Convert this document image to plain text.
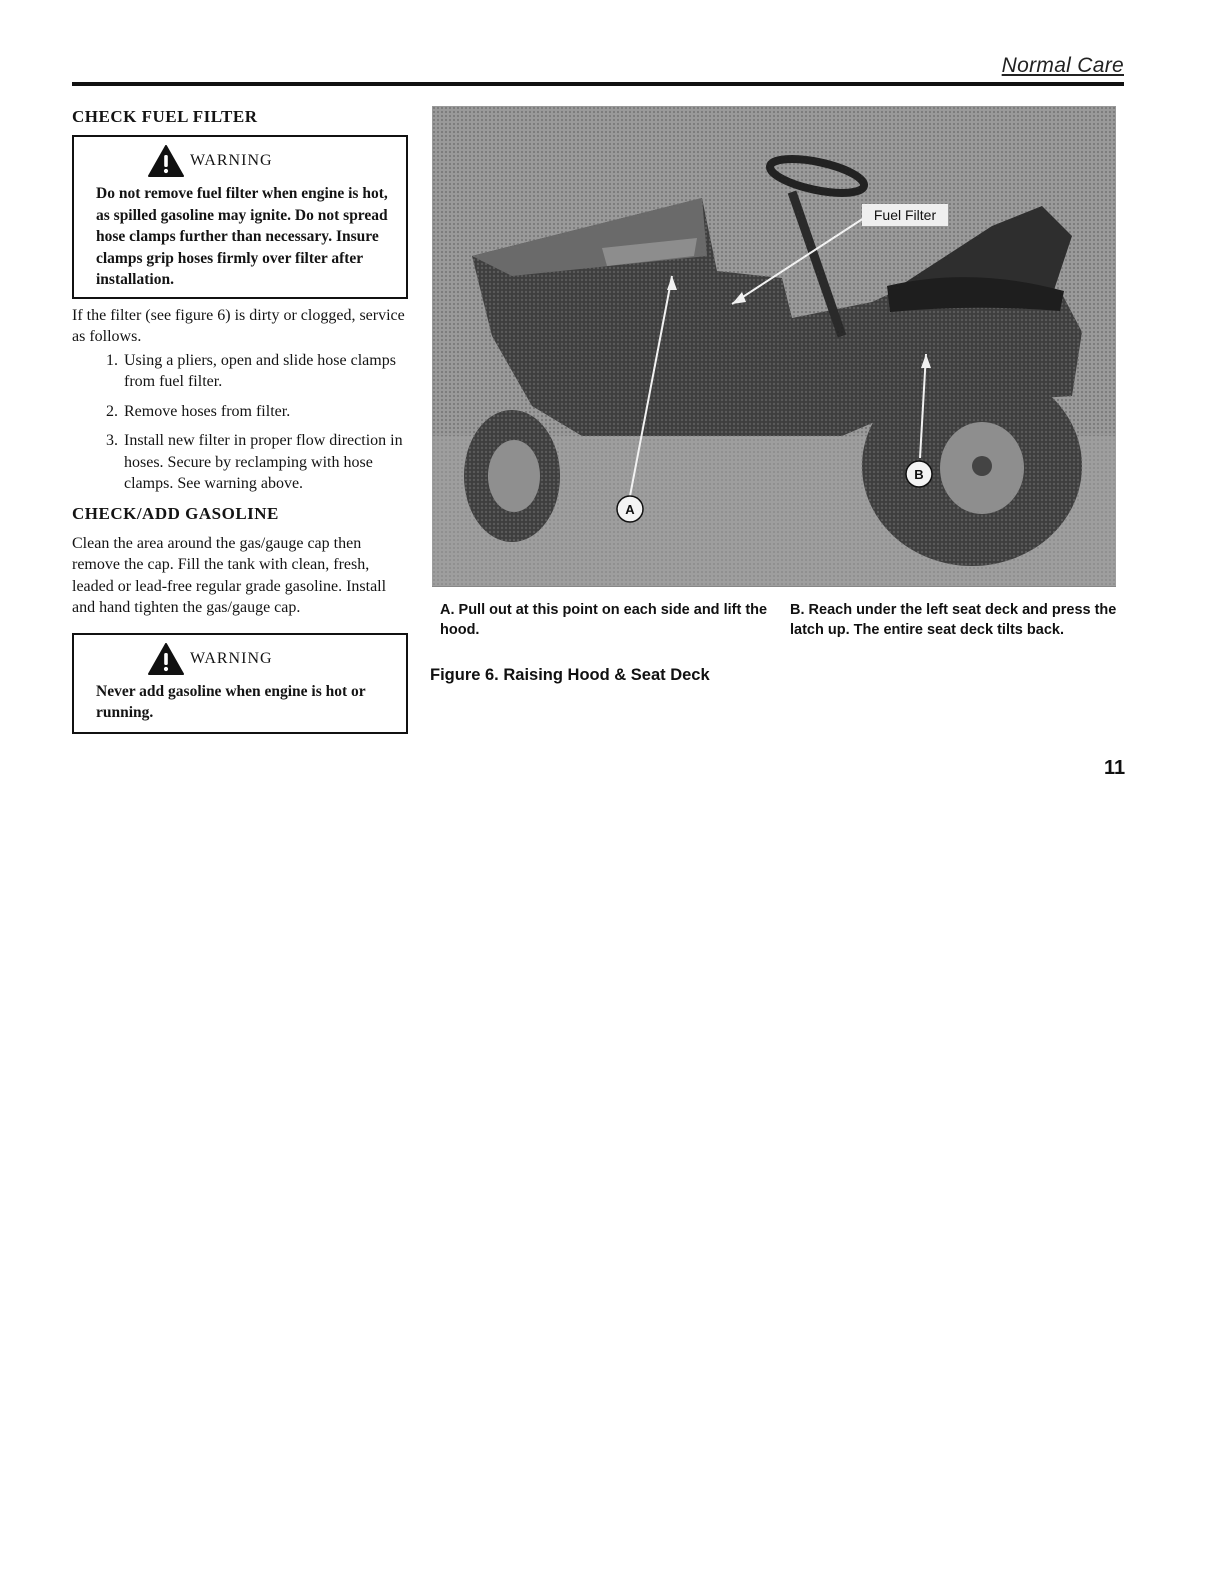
Normal Care
CHECK FUEL FILTER
WARNING

Do not remove fuel filter when engine is hot, as spilled gasoline may ignite. Do not spread hose clamps further than necessary. Insure clamps grip hoses firmly over filter after installation.

If the filter (see figure 6) is dirty or clogged, service as follows.

1. Using a pliers, open and slide hose clamps from fuel filter.
2. Remove hoses from filter.
3. Install new filter in proper flow direction in hoses. Secure by reclamping with hose clamps. See warning above.
CHECK/ADD GASOLINE

Clean the area around the gas/gauge cap then remove the cap. Fill the tank with clean, fresh, leaded or lead-free regular grade gasoline. Install and hand tighten the gas/gauge cap.

WARNING

Never add gasoline when engine is hot or running.

Fuel Filter
A
B
A. Pull out at this point on each side and lift the hood.
B. Reach under the left seat deck and press the latch up. The entire seat deck tilts back.
Figure 6. Raising Hood & Seat Deck
11
